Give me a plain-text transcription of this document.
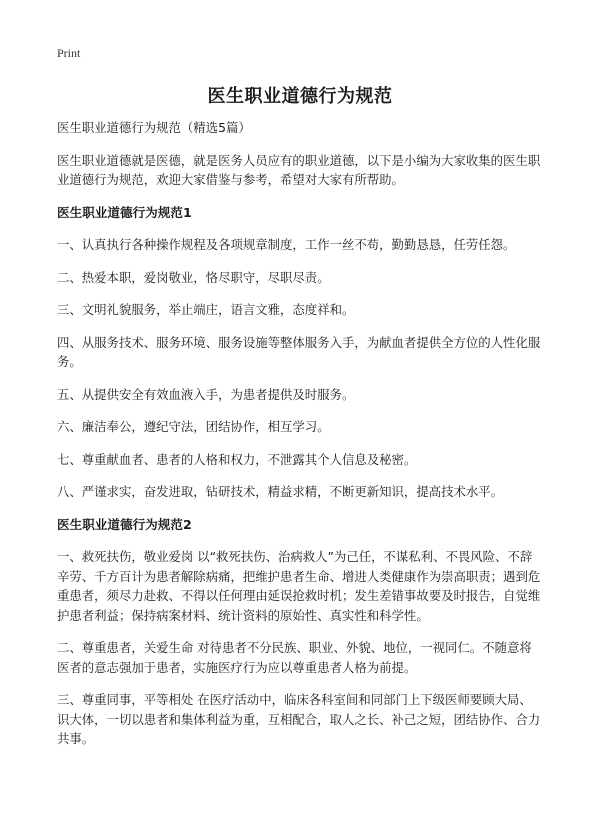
Print
医生职业道德行为规范

医生职业道德行为规范（精选5篇）

医生职业道德就是医德，就是医务人员应有的职业道德，以下是小编为大家收集的医生职业道德行为规范，欢迎大家借鉴与参考，希望对大家有所帮助。

医生职业道德行为规范1

一、认真执行各种操作规程及各项规章制度，工作一丝不苟，勤勤恳恳，任劳任怨。

二、热爱本职，爱岗敬业，恪尽职守，尽职尽责。

三、文明礼貌服务，举止端庄，语言文雅，态度祥和。

四、从服务技术、服务环境、服务设施等整体服务入手，为献血者提供全方位的人性化服务。

五、从提供安全有效血液入手，为患者提供及时服务。

六、廉洁奉公，遵纪守法，团结协作，相互学习。

七、尊重献血者、患者的人格和权力，不泄露其个人信息及秘密。

八、严谨求实，奋发进取，钻研技术，精益求精，不断更新知识，提高技术水平。

医生职业道德行为规范2

一、救死扶伤，敬业爱岗 以“救死扶伤、治病救人”为己任，不谋私利、不畏风险、不辞辛劳、千方百计为患者解除病痛，把维护患者生命、增进人类健康作为崇高职责；遇到危重患者，须尽力赴救、不得以任何理由延误抢救时机；发生差错事故要及时报告，自觉维护患者利益；保持病案材料、统计资料的原始性、真实性和科学性。

二、尊重患者，关爱生命 对待患者不分民族、职业、外貌、地位，一视同仁。不随意将医者的意志强加于患者，实施医疗行为应以尊重患者人格为前提。

三、尊重同事，平等相处 在医疗活动中，临床各科室间和同部门上下级医师要顾大局、识大体，一切以患者和集体利益为重，互相配合，取人之长、补己之短，团结协作、合力共事。
